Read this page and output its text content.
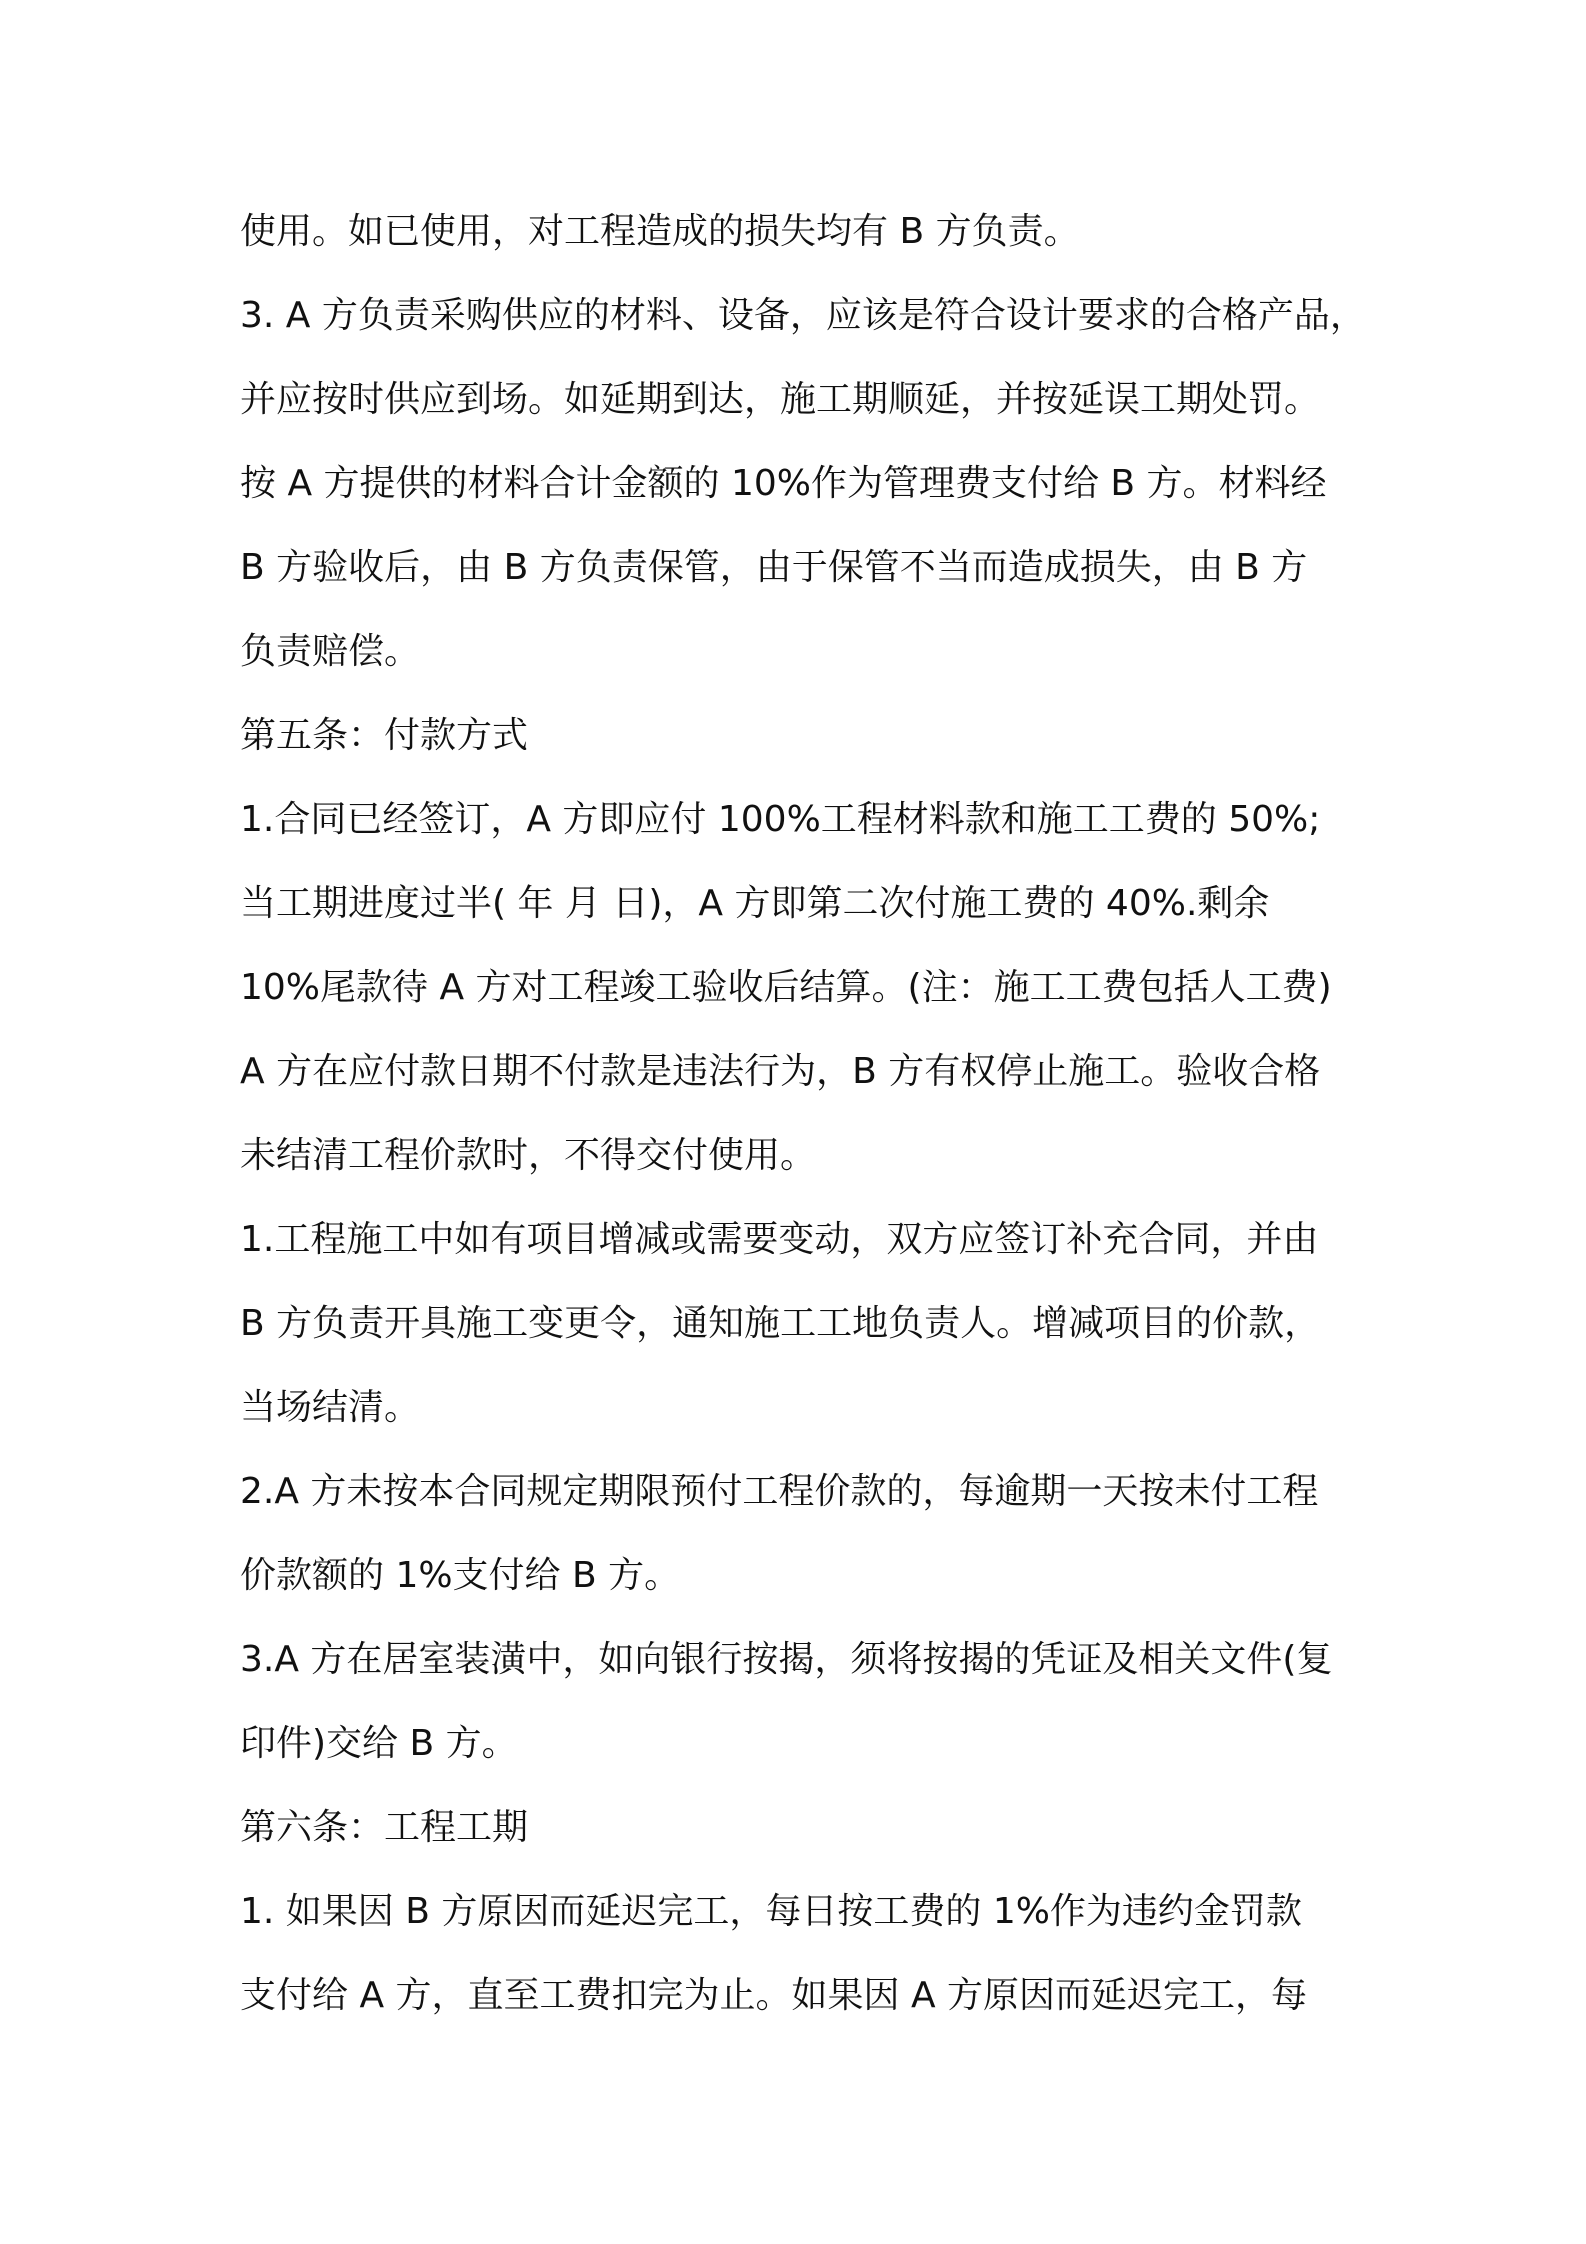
使用。如已使用，对工程造成的损失均有 B 方负责。
3. A 方负责采购供应的材料、设备，应该是符合设计要求的合格产品，
并应按时供应到场。如延期到达，施工期顺延，并按延误工期处罚。
按 A 方提供的材料合计金额的 10%作为管理费支付给 B 方。材料经
B 方验收后，由 B 方负责保管，由于保管不当而造成损失，由 B 方
负责赔偿。
第五条：付款方式
1.合同已经签订，A 方即应付 100%工程材料款和施工工费的 50%;
当工期进度过半( 年 月 日)，A 方即第二次付施工费的 40%.剩余
10%尾款待 A 方对工程竣工验收后结算。(注：施工工费包括人工费)
A 方在应付款日期不付款是违法行为，B 方有权停止施工。验收合格
未结清工程价款时，不得交付使用。
1.工程施工中如有项目增减或需要变动，双方应签订补充合同，并由
B 方负责开具施工变更令，通知施工工地负责人。增减项目的价款，
当场结清。
2.A 方未按本合同规定期限预付工程价款的，每逾期一天按未付工程
价款额的 1%支付给 B 方。
3.A 方在居室装潢中，如向银行按揭，须将按揭的凭证及相关文件(复
印件)交给 B 方。
第六条：工程工期
1. 如果因 B 方原因而延迟完工，每日按工费的 1%作为违约金罚款
支付给 A 方，直至工费扣完为止。如果因 A 方原因而延迟完工，每
